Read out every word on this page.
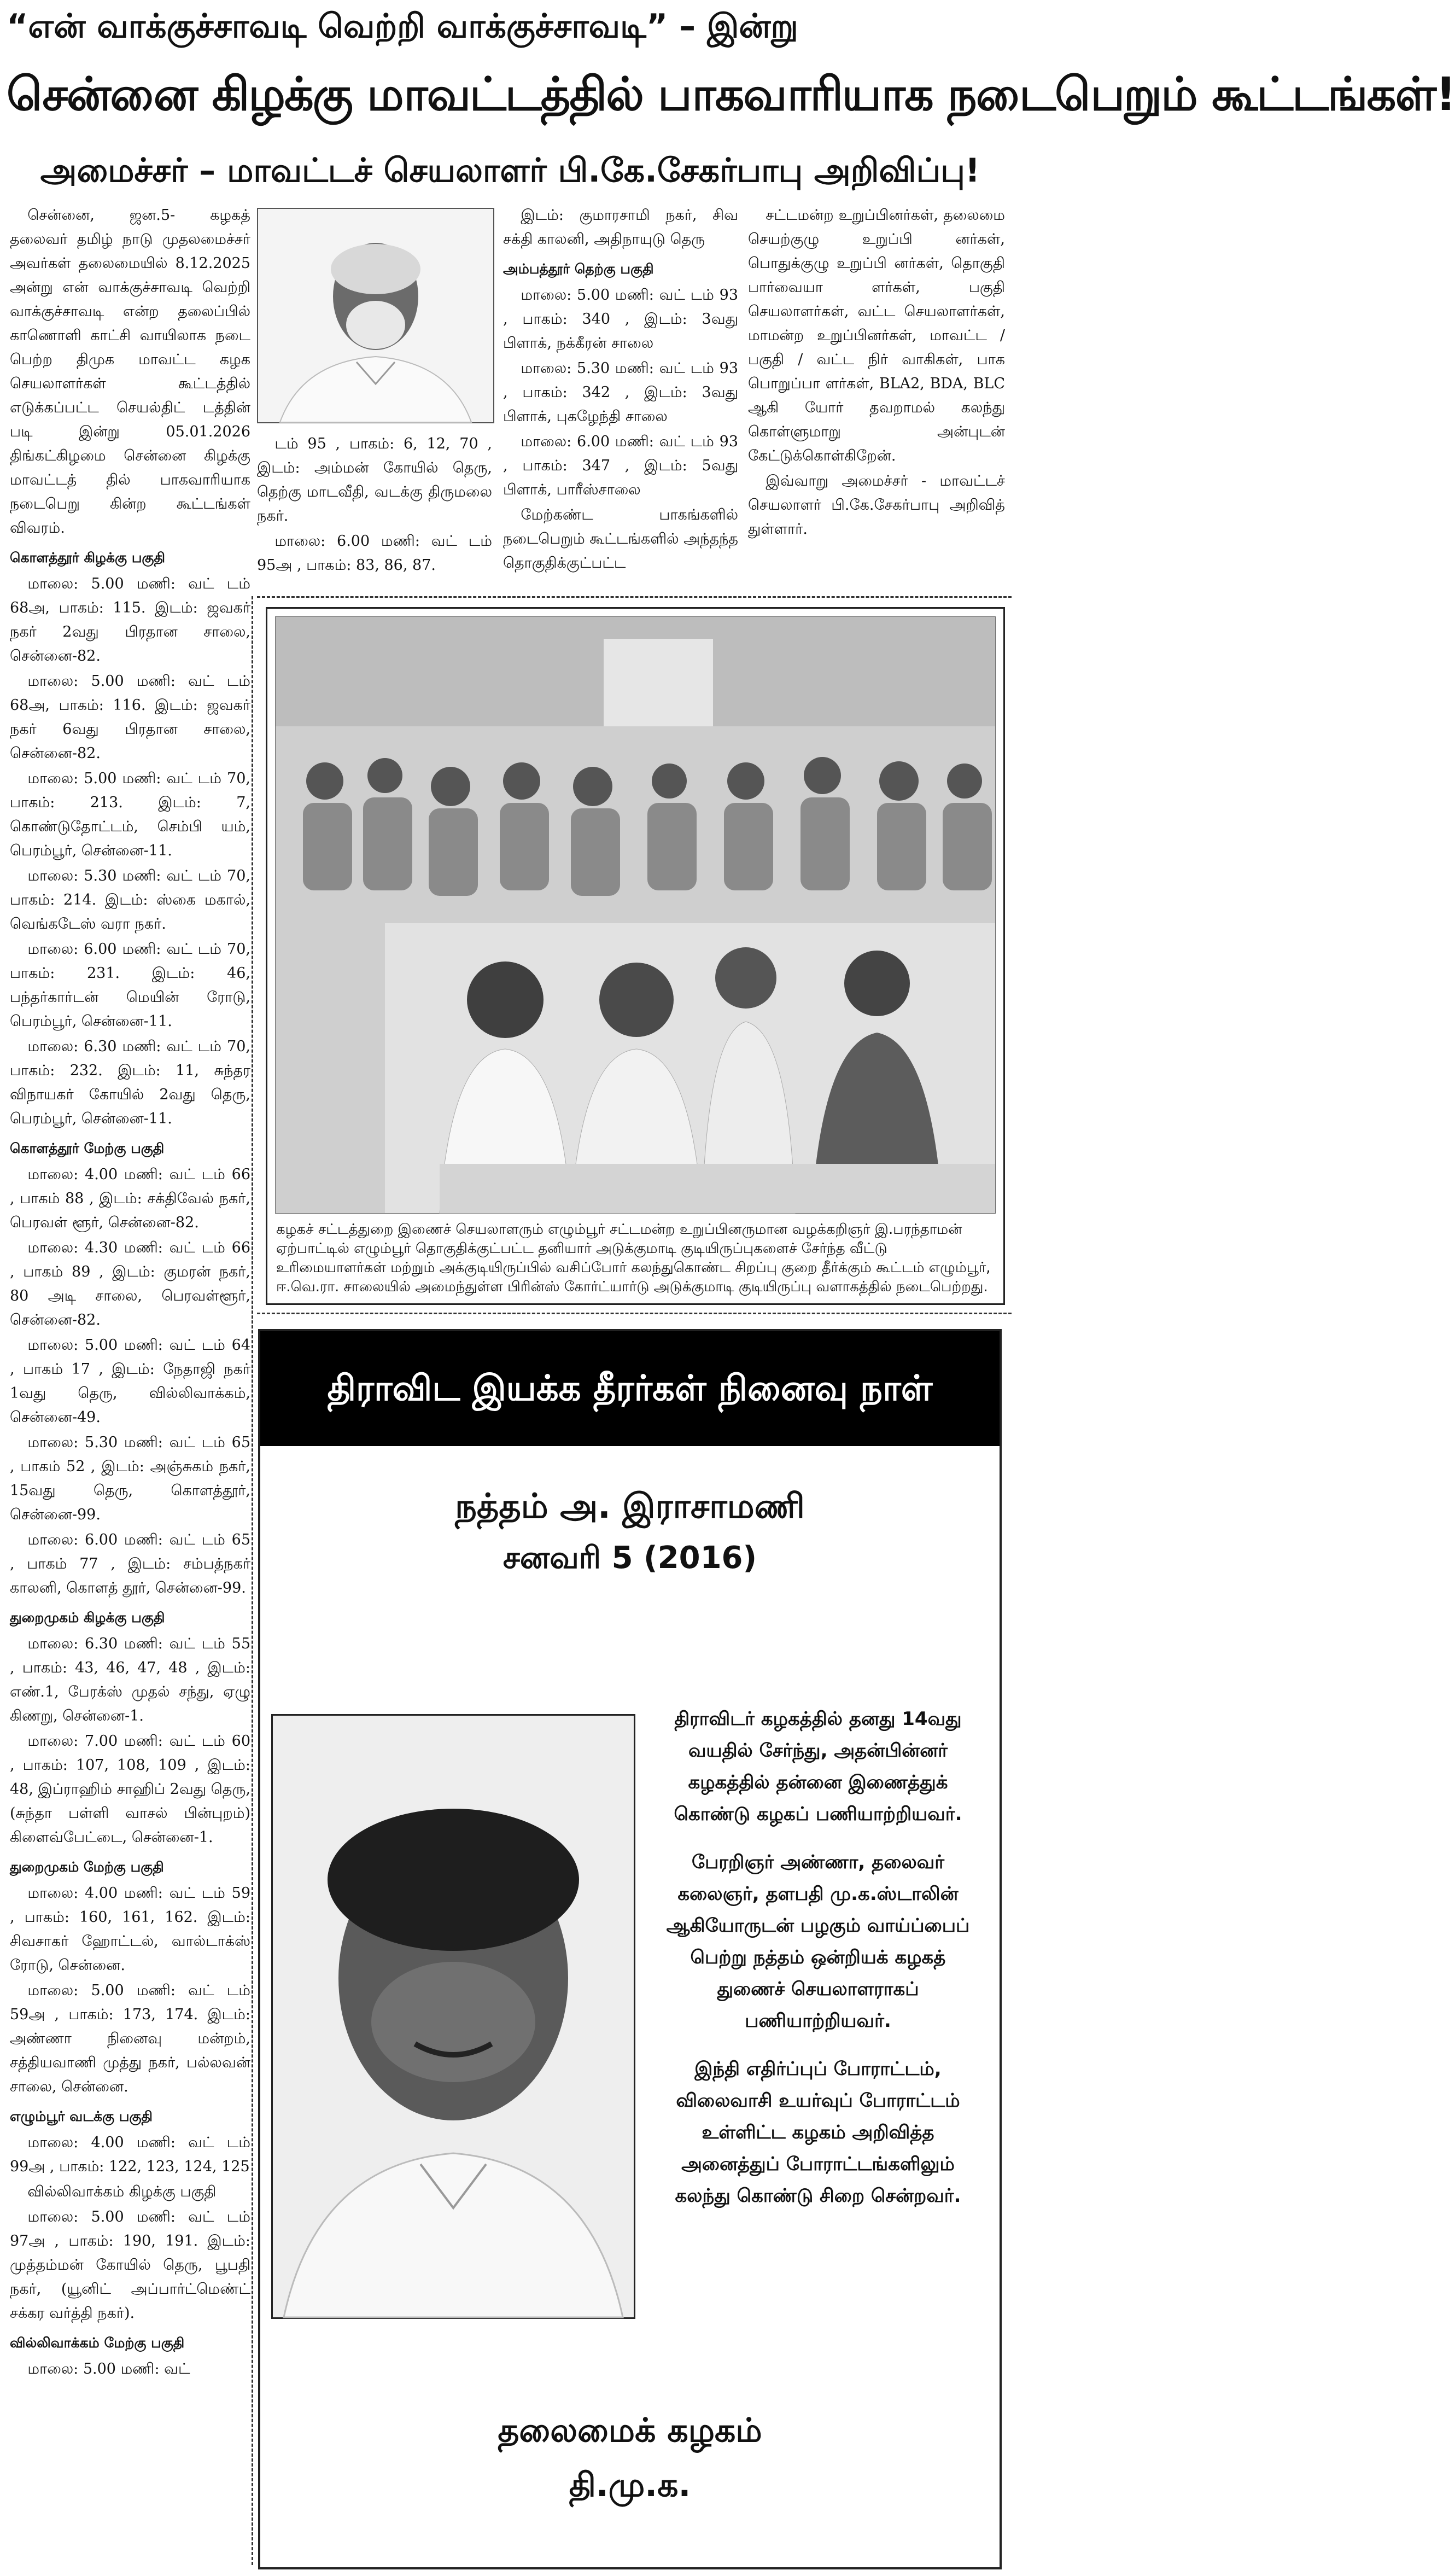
“என் வாக்குச்சாவடி வெற்றி வாக்குச்சாவடி” – இன்று
சென்னை கிழக்கு மாவட்டத்தில் பாகவாரியாக நடைபெறும் கூட்டங்கள்!
அமைச்சர் – மாவட்டச் செயலாளர் பி.கே.சேகர்பாபு அறிவிப்பு!

சென்னை, ஜன.5- கழகத் தலைவர் தமிழ் நாடு முதலமைச்சர் அவர்கள் தலைமையில் 8.12.2025 அன்று என் வாக்குச்சாவடி வெற்றி வாக்குச்சாவடி என்ற தலைப்பில் காணொளி காட்சி வாயிலாக நடை பெற்ற திமுக மாவட்ட கழக செயலாளர்கள் கூட்டத்தில் எடுக்கப்பட்ட செயல்திட் டத்தின் படி இன்று 05.01.2026 திங்கட்கிழமை சென்னை கிழக்கு மாவட்டத் தில் பாகவாரியாக நடைபெறு கின்ற கூட்டங்கள் விவரம்.

கொளத்தூர் கிழக்கு பகுதி

மாலை: 5.00 மணி: வட் டம் 68அ, பாகம்: 115. இடம்: ஜவகர் நகர் 2வது பிரதான சாலை, சென்னை-82.

மாலை: 5.00 மணி: வட் டம் 68அ, பாகம்: 116. இடம்: ஜவகர் நகர் 6வது பிரதான சாலை, சென்னை-82.

மாலை: 5.00 மணி: வட் டம் 70, பாகம்: 213. இடம்: 7, கொண்டுதோட்டம், செம்பி யம், பெரம்பூர், சென்னை-11.

மாலை: 5.30 மணி: வட் டம் 70, பாகம்: 214. இடம்: ஸ்கை மகால், வெங்கடேஸ் வரா நகர்.

மாலை: 6.00 மணி: வட் டம் 70, பாகம்: 231. இடம்: 46, பந்தர்கார்டன் மெயின் ரோடு, பெரம்பூர், சென்னை-11.

மாலை: 6.30 மணி: வட் டம் 70, பாகம்: 232. இடம்: 11, சுந்தர விநாயகர் கோயில் 2வது தெரு, பெரம்பூர், சென்னை-11.

கொளத்தூர் மேற்கு பகுதி

மாலை: 4.00 மணி: வட் டம் 66 , பாகம் 88 , இடம்: சக்திவேல் நகர், பெரவள் ளூர், சென்னை-82.

மாலை: 4.30 மணி: வட் டம் 66 , பாகம் 89 , இடம்: குமரன் நகர், 80 அடி சாலை, பெரவள்ளூர், சென்னை-82.

மாலை: 5.00 மணி: வட் டம் 64 , பாகம் 17 , இடம்: நேதாஜி நகர் 1வது தெரு, வில்லிவாக்கம், சென்னை-49.

மாலை: 5.30 மணி: வட் டம் 65 , பாகம் 52 , இடம்: அஞ்சுகம் நகர், 15வது தெரு, கொளத்தூர், சென்னை-99.

மாலை: 6.00 மணி: வட் டம் 65 , பாகம் 77 , இடம்: சம்பத்நகர் காலனி, கொளத் தூர், சென்னை-99.

துறைமுகம் கிழக்கு பகுதி

மாலை: 6.30 மணி: வட் டம் 55 , பாகம்: 43, 46, 47, 48 , இடம்: எண்.1, பேரக்ஸ் முதல் சந்து, ஏழு கிணறு, சென்னை-1.

மாலை: 7.00 மணி: வட் டம் 60 , பாகம்: 107, 108, 109 , இடம்: 48, இப்ராஹிம் சாஹிப் 2வது தெரு, (சுந்தா பள்ளி வாசல் பின்புறம்) கிளைவ்பேட்டை, சென்னை-1.

துறைமுகம் மேற்கு பகுதி

மாலை: 4.00 மணி: வட் டம் 59 , பாகம்: 160, 161, 162. இடம்: சிவசாகர் ஹோட்டல், வால்டாக்ஸ் ரோடு, சென்னை.

மாலை: 5.00 மணி: வட் டம் 59அ , பாகம்: 173, 174. இடம்: அண்ணா நினைவு மன்றம், சத்தியவாணி முத்து நகர், பல்லவன் சாலை, சென்னை.

எழும்பூர் வடக்கு பகுதி

மாலை: 4.00 மணி: வட் டம் 99அ , பாகம்: 122, 123, 124, 125

வில்லிவாக்கம் கிழக்கு பகுதி

மாலை: 5.00 மணி: வட் டம் 97அ , பாகம்: 190, 191. இடம்: முத்தம்மன் கோயில் தெரு, பூபதி நகர், (யூனிட் அப்பார்ட்மெண்ட் சக்கர வர்த்தி நகர்).

வில்லிவாக்கம் மேற்கு பகுதி

மாலை: 5.00 மணி: வட்

டம் 95 , பாகம்: 6, 12, 70 , இடம்: அம்மன் கோயில் தெரு, தெற்கு மாடவீதி, வடக்கு திருமலை நகர்.

மாலை: 6.00 மணி: வட் டம் 95அ , பாகம்: 83, 86, 87.

இடம்: குமாரசாமி நகர், சிவ சக்தி காலனி, அதிநாயுடு தெரு

அம்பத்தூர் தெற்கு பகுதி

மாலை: 5.00 மணி: வட் டம் 93 , பாகம்: 340 , இடம்: 3வது பிளாக், நக்கீரன் சாலை

மாலை: 5.30 மணி: வட் டம் 93 , பாகம்: 342 , இடம்: 3வது பிளாக், புகழேந்தி சாலை

மாலை: 6.00 மணி: வட் டம் 93 , பாகம்: 347 , இடம்: 5வது பிளாக், பாரீஸ்சாலை

மேற்கண்ட பாகங்களில் நடைபெறும் கூட்டங்களில் அந்தந்த தொகுதிக்குட்பட்ட

சட்டமன்ற உறுப்பினர்கள், தலைமை செயற்குழு உறுப்பி னர்கள், பொதுக்குழு உறுப்பி னர்கள், தொகுதி பார்வையா ளர்கள், பகுதி செயலாளர்கள், வட்ட செயலாளர்கள், மாமன்ற உறுப்பினர்கள், மாவட்ட / பகுதி / வட்ட நிர் வாகிகள், பாக பொறுப்பா ளர்கள், BLA2, BDA, BLC ஆகி யோர் தவறாமல் கலந்து கொள்ளுமாறு அன்புடன் கேட்டுக்கொள்கிறேன்.

இவ்வாறு அமைச்சர் - மாவட்டச் செயலாளர் பி.கே.சேகர்பாபு அறிவித் துள்ளார்.

கழகச் சட்டத்துறை இணைச் செயலாளரும் எழும்பூர் சட்டமன்ற உறுப்பினருமான வழக்கறிஞர் இ.பரந்தாமன் ஏற்பாட்டில் எழும்பூர் தொகுதிக்குட்பட்ட தனியார் அடுக்குமாடி குடியிருப்புகளைச் சேர்ந்த வீட்டு உரிமையாளர்கள் மற்றும் அக்குடியிருப்பில் வசிப்போர் கலந்துகொண்ட சிறப்பு குறை தீர்க்கும் கூட்டம் எழும்பூர், ஈ.வெ.ரா. சாலையில் அமைந்துள்ள பிரின்ஸ் கோர்ட்யார்டு அடுக்குமாடி குடியிருப்பு வளாகத்தில் நடைபெற்றது.
திராவிட இயக்க தீரர்கள் நினைவு நாள்
நத்தம் அ. இராசாமணி
சனவரி 5 (2016)

திராவிடர் கழகத்தில் தனது 14வது வயதில் சேர்ந்து, அதன்பின்னர் கழகத்தில் தன்னை இணைத்துக் கொண்டு கழகப் பணியாற்றியவர்.

பேரறிஞர் அண்ணா, தலைவர் கலைஞர், தளபதி மு.க.ஸ்டாலின் ஆகியோருடன் பழகும் வாய்ப்பைப் பெற்று நத்தம் ஒன்றியக் கழகத் துணைச் செயலாளராகப் பணியாற்றியவர்.

இந்தி எதிர்ப்புப் போராட்டம், விலைவாசி உயர்வுப் போராட்டம் உள்ளிட்ட கழகம் அறிவித்த அனைத்துப் போராட்டங்களிலும் கலந்து கொண்டு சிறை சென்றவர்.

தலைமைக் கழகம்
தி.மு.க.
